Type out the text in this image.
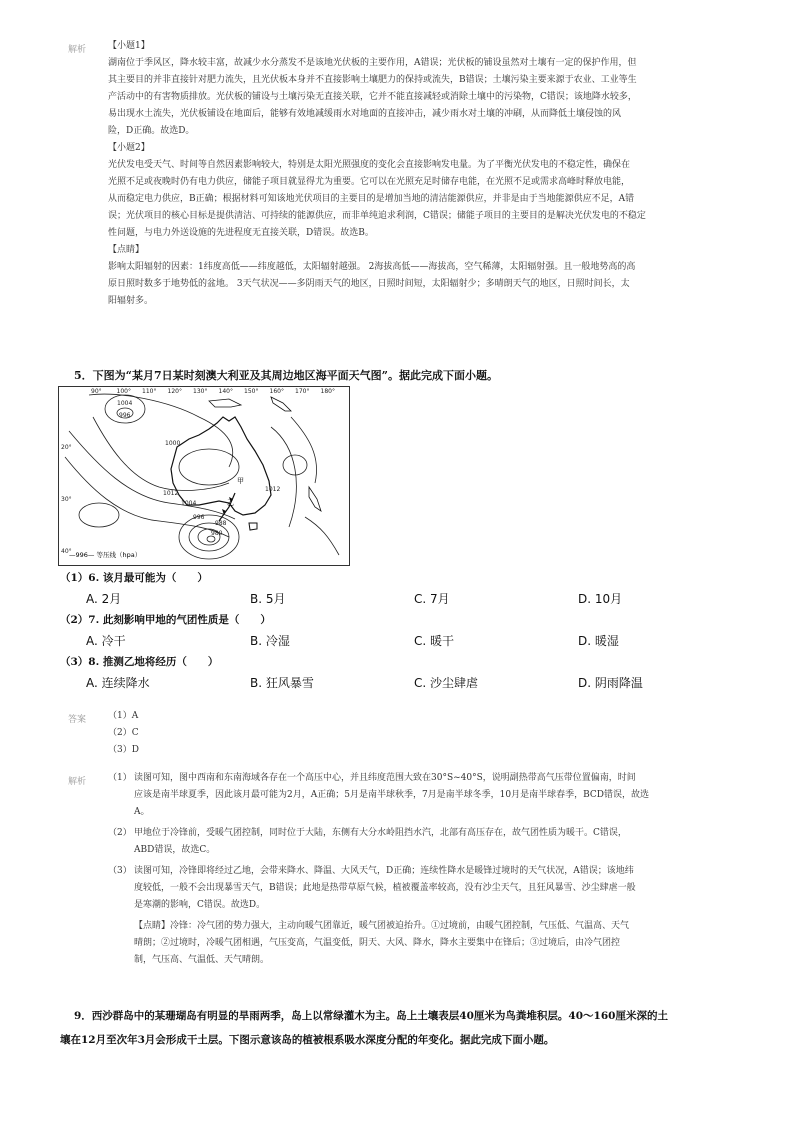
解析 【小题1】

湖南位于季风区，降水较丰富，故减少水分蒸发不是该地光伏板的主要作用，A错误；光伏板的铺设虽然对土壤有一定的保护作用，但

其主要目的并非直接针对肥力流失，且光伏板本身并不直接影响土壤肥力的保持或流失，B错误；土壤污染主要来源于农业、工业等生

产活动中的有害物质排放。光伏板的铺设与土壤污染无直接关联，它并不能直接减轻或消除土壤中的污染物，C错误；该地降水较多，

易出现水土流失，光伏板铺设在地面后，能够有效地减缓雨水对地面的直接冲击，减少雨水对土壤的冲刷，从而降低土壤侵蚀的风

险，D正确。故选D。

【小题2】

光伏发电受天气、时间等自然因素影响较大，特别是太阳光照强度的变化会直接影响发电量。为了平衡光伏发电的不稳定性，确保在

光照不足或夜晚时仍有电力供应，储能子项目就显得尤为重要。它可以在光照充足时储存电能，在光照不足或需求高峰时释放电能，

从而稳定电力供应，B正确；根据材料可知该地光伏项目的主要目的是增加当地的清洁能源供应，并非是由于当地能源供应不足，A错

误；光伏项目的核心目标是提供清洁、可持续的能源供应，而非单纯追求利润，C错误；储能子项目的主要目的是解决光伏发电的不稳定

性问题，与电力外送设施的先进程度无直接关联，D错误。故选B。

【点睛】

影响太阳辐射的因素：1纬度高低——纬度越低，太阳辐射越强。 2海拔高低——海拔高，空气稀薄，太阳辐射强。且一般地势高的高

原日照时数多于地势低的盆地。 3天气状况——多阴雨天气的地区，日照时间短，太阳辐射少；多晴朗天气的地区，日照时间长，太

阳辐射多。

5．下图为“某月7日某时刻澳大利亚及其周边地区海平面天气图”。据此完成下面小题。
90° 100° 110° 120° 130° 140° 150° 160° 170° 180°
20°
30°
40°
1004
996
1000
1012
1004
996
988
980
1012
甲
乙
—996— 等压线（hpa）
（1）6. 该月最可能为（　　）
A. 2月	B. 5月	C. 7月	D. 10月
（2）7. 此刻影响甲地的气团性质是（　　）
A. 冷干	B. 冷湿	C. 暖干	D. 暖湿
（3）8. 推测乙地将经历（　　）
A. 连续降水	B. 狂风暴雪	C. 沙尘肆虐	D. 阴雨降温
答案 （1）A
（2）C
（3）D
解析 （1） 读图可知，图中西南和东南海域各存在一个高压中心，并且纬度范围大致在30°S~40°S，说明副热带高气压带位置偏南，时间
应该是南半球夏季，因此该月最可能为2月，A正确；5月是南半球秋季，7月是南半球冬季，10月是南半球春季，BCD错误，故选
A。
（2） 甲地位于冷锋前，受暖气团控制，同时位于大陆，东侧有大分水岭阻挡水汽，北部有高压存在，故气团性质为暖干。C错误，
ABD错误，故选C。
（3） 读图可知，冷锋即将经过乙地，会带来降水、降温、大风天气，D正确；连续性降水是暖锋过境时的天气状况，A错误；该地纬
度较低，一般不会出现暴雪天气，B错误；此地是热带草原气候，植被覆盖率较高，没有沙尘天气，且狂风暴雪、沙尘肆虐一般
是寒潮的影响，C错误。故选D。
【点睛】冷锋：冷气团的势力强大，主动向暖气团靠近，暖气团被迫抬升。①过境前，由暖气团控制，气压低、气温高、天气
晴朗；②过境时，冷暖气团相遇，气压变高，气温变低，阴天、大风、降水，降水主要集中在锋后；③过境后，由冷气团控
制，气压高、气温低、天气晴朗。
9．西沙群岛中的某珊瑚岛有明显的旱雨两季，岛上以常绿灌木为主。岛上土壤表层40厘米为鸟粪堆积层。40～160厘米深的土
壤在12月至次年3月会形成干土层。下图示意该岛的植被根系吸水深度分配的年变化。据此完成下面小题。
